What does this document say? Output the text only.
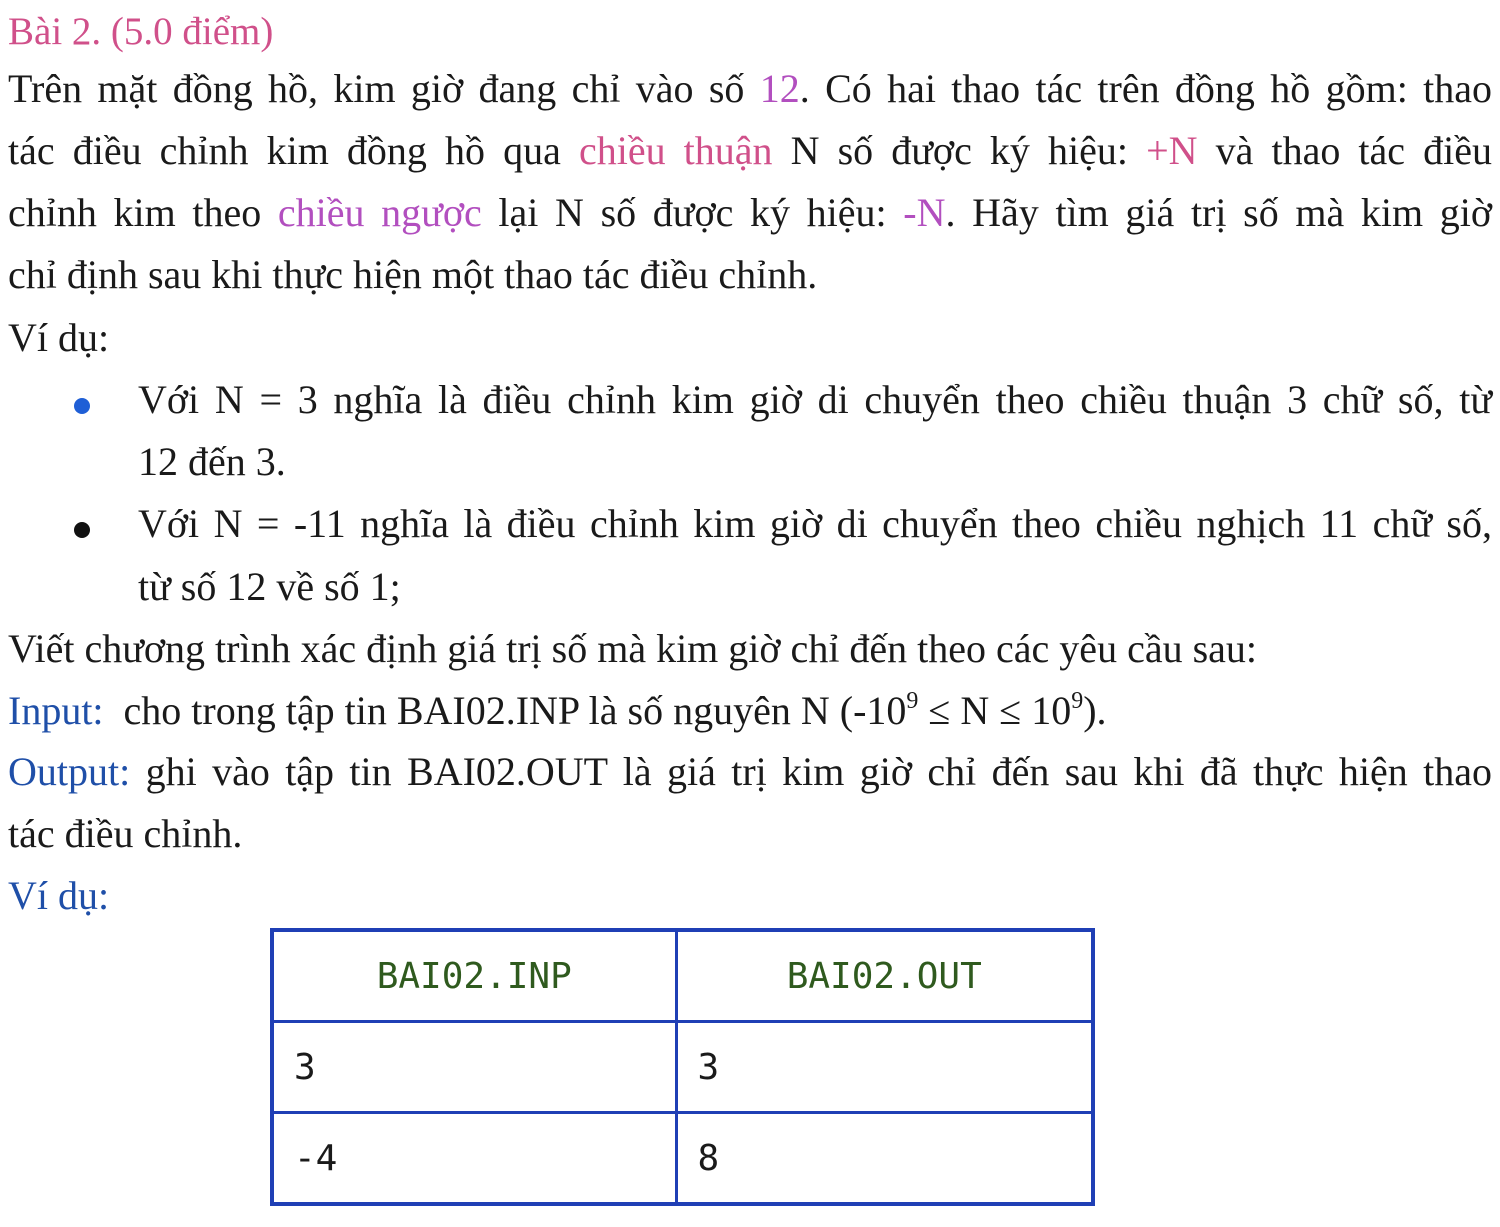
Bài 2. (5.0 điểm)

Trên mặt đồng hồ, kim giờ đang chỉ vào số 12. Có hai thao tác trên đồng hồ gồm: thao

tác điều chỉnh kim đồng hồ qua chiều thuận N số được ký hiệu: +N và thao tác điều

chỉnh kim theo chiều ngược lại N số được ký hiệu: -N. Hãy tìm giá trị số mà kim giờ

chỉ định sau khi thực hiện một thao tác điều chỉnh.

Ví dụ:

Với N = 3 nghĩa là điều chỉnh kim giờ di chuyển theo chiều thuận 3 chữ số, từ

12 đến 3.

Với N = -11 nghĩa là điều chỉnh kim giờ di chuyển theo chiều nghịch 11 chữ số,

từ số 12 về số 1;

Viết chương trình xác định giá trị số mà kim giờ chỉ đến theo các yêu cầu sau:

Input: cho trong tập tin BAI02.INP là số nguyên N $(-10^9 \le N \le 10^9)$.

Output: ghi vào tập tin BAI02.OUT là giá trị kim giờ chỉ đến sau khi đã thực hiện thao

tác điều chỉnh.

Ví dụ:

BAI02.INP	BAI02.OUT
3	3
-4	8
